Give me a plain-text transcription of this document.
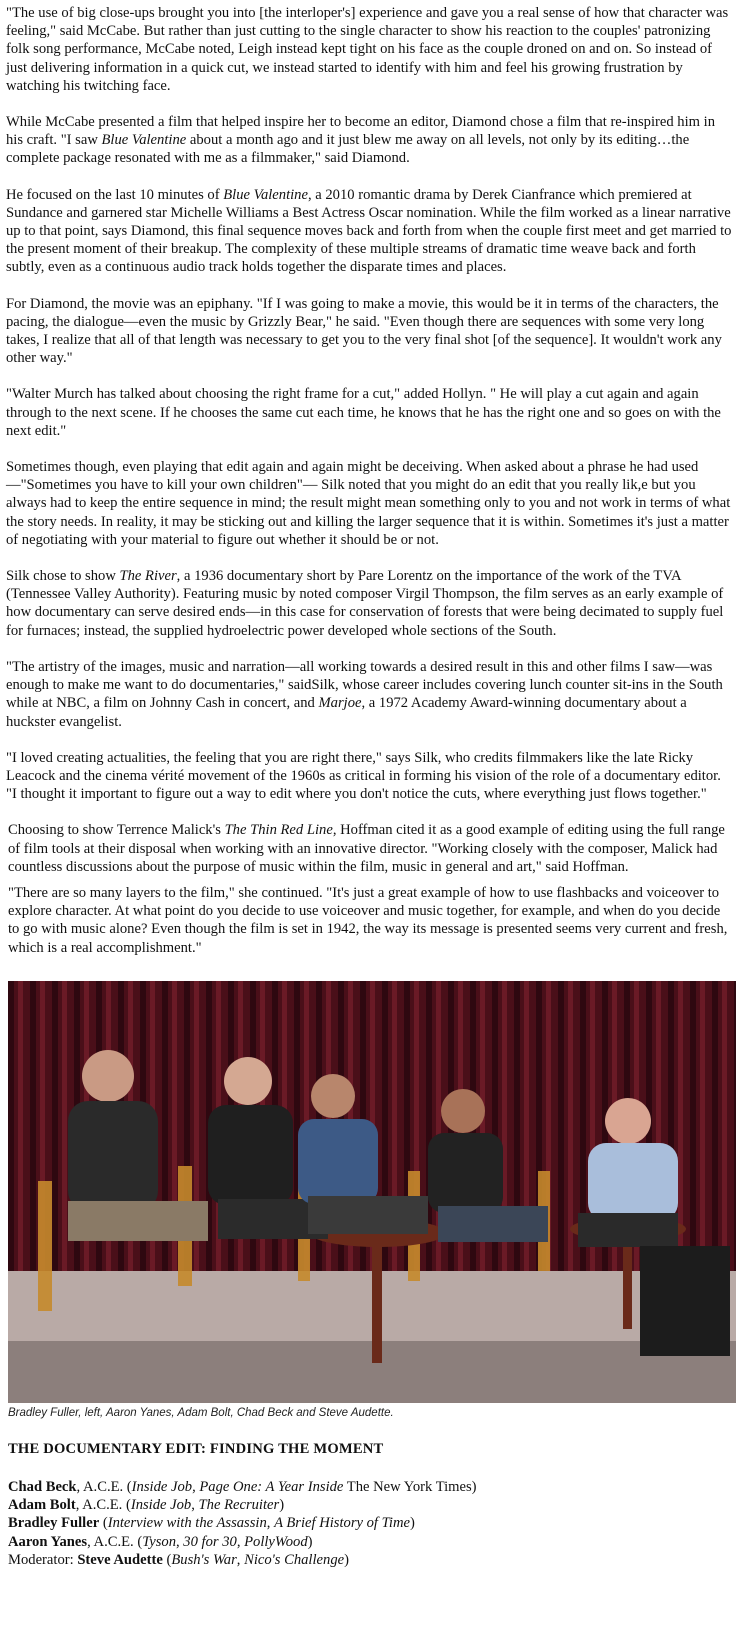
"The use of big close-ups brought you into [the interloper's] experience and gave you a real sense of how that character was feeling," said McCabe. But rather than just cutting to the single character to show his reaction to the couples' patronizing folk song performance, McCabe noted, Leigh instead kept tight on his face as the couple droned on and on. So instead of just delivering information in a quick cut, we instead started to identify with him and feel his growing frustration by watching his twitching face.

While McCabe presented a film that helped inspire her to become an editor, Diamond chose a film that re-inspired him in his craft. "I saw Blue Valentine about a month ago and it just blew me away on all levels, not only by its editing…the complete package resonated with me as a filmmaker," said Diamond.

He focused on the last 10 minutes of Blue Valentine, a 2010 romantic drama by Derek Cianfrance which premiered at Sundance and garnered star Michelle Williams a Best Actress Oscar nomination. While the film worked as a linear narrative up to that point, says Diamond, this final sequence moves back and forth from when the couple first meet and get married to the present moment of their breakup. The complexity of these multiple streams of dramatic time weave back and forth subtly, even as a continuous audio track holds together the disparate times and places.

For Diamond, the movie was an epiphany. "If I was going to make a movie, this would be it in terms of the characters, the pacing, the dialogue—even the music by Grizzly Bear," he said. "Even though there are sequences with some very long takes, I realize that all of that length was necessary to get you to the very final shot [of the sequence]. It wouldn't work any other way."

"Walter Murch has talked about choosing the right frame for a cut," added Hollyn. " He will play a cut again and again through to the next scene. If he chooses the same cut each time, he knows that he has the right one and so goes on with the next edit."

Sometimes though, even playing that edit again and again might be deceiving. When asked about a phrase he had used—"Sometimes you have to kill your own children"— Silk noted that you might do an edit that you really lik,e but you always had to keep the entire sequence in mind; the result might mean something only to you and not work in terms of what the story needs. In reality, it may be sticking out and killing the larger sequence that it is within. Sometimes it's just a matter of negotiating with your material to figure out whether it should be or not.

Silk chose to show The River, a 1936 documentary short by Pare Lorentz on the importance of the work of the TVA (Tennessee Valley Authority). Featuring music by noted composer Virgil Thompson, the film serves as an early example of how documentary can serve desired ends—in this case for conservation of forests that were being decimated to supply fuel for furnaces; instead, the supplied hydroelectric power developed whole sections of the South.

"The artistry of the images, music and narration—all working towards a desired result in this and other films I saw—was enough to make me want to do documentaries," saidSilk, whose career includes covering lunch counter sit-ins in the South while at NBC, a film on Johnny Cash in concert, and Marjoe, a 1972 Academy Award-winning documentary about a huckster evangelist.

"I loved creating actualities, the feeling that you are right there," says Silk, who credits filmmakers like the late Ricky Leacock and the cinema vérité movement of the 1960s as critical in forming his vision of the role of a documentary editor. "I thought it important to figure out a way to edit where you don't notice the cuts, where everything just flows together."

Choosing to show Terrence Malick's The Thin Red Line, Hoffman cited it as a good example of editing using the full range of film tools at their disposal when working with an innovative director. "Working closely with the composer, Malick had countless discussions about the purpose of music within the film, music in general and art," said Hoffman.

"There are so many layers to the film," she continued. "It's just a great example of how to use flashbacks and voiceover to explore character. At what point do you decide to use voiceover and music together, for example, and when do you decide to go with music alone? Even though the film is set in 1942, the way its message is presented seems very current and fresh, which is a real accomplishment."

Bradley Fuller, left, Aaron Yanes, Adam Bolt, Chad Beck and Steve Audette.

THE DOCUMENTARY EDIT: FINDING THE MOMENT
Chad Beck, A.C.E. (Inside Job, Page One: A Year Inside The New York Times)
Adam Bolt, A.C.E. (Inside Job, The Recruiter)
Bradley Fuller (Interview with the Assassin, A Brief History of Time)
Aaron Yanes, A.C.E. (Tyson, 30 for 30, PollyWood)
Moderator: Steve Audette (Bush's War, Nico's Challenge)
